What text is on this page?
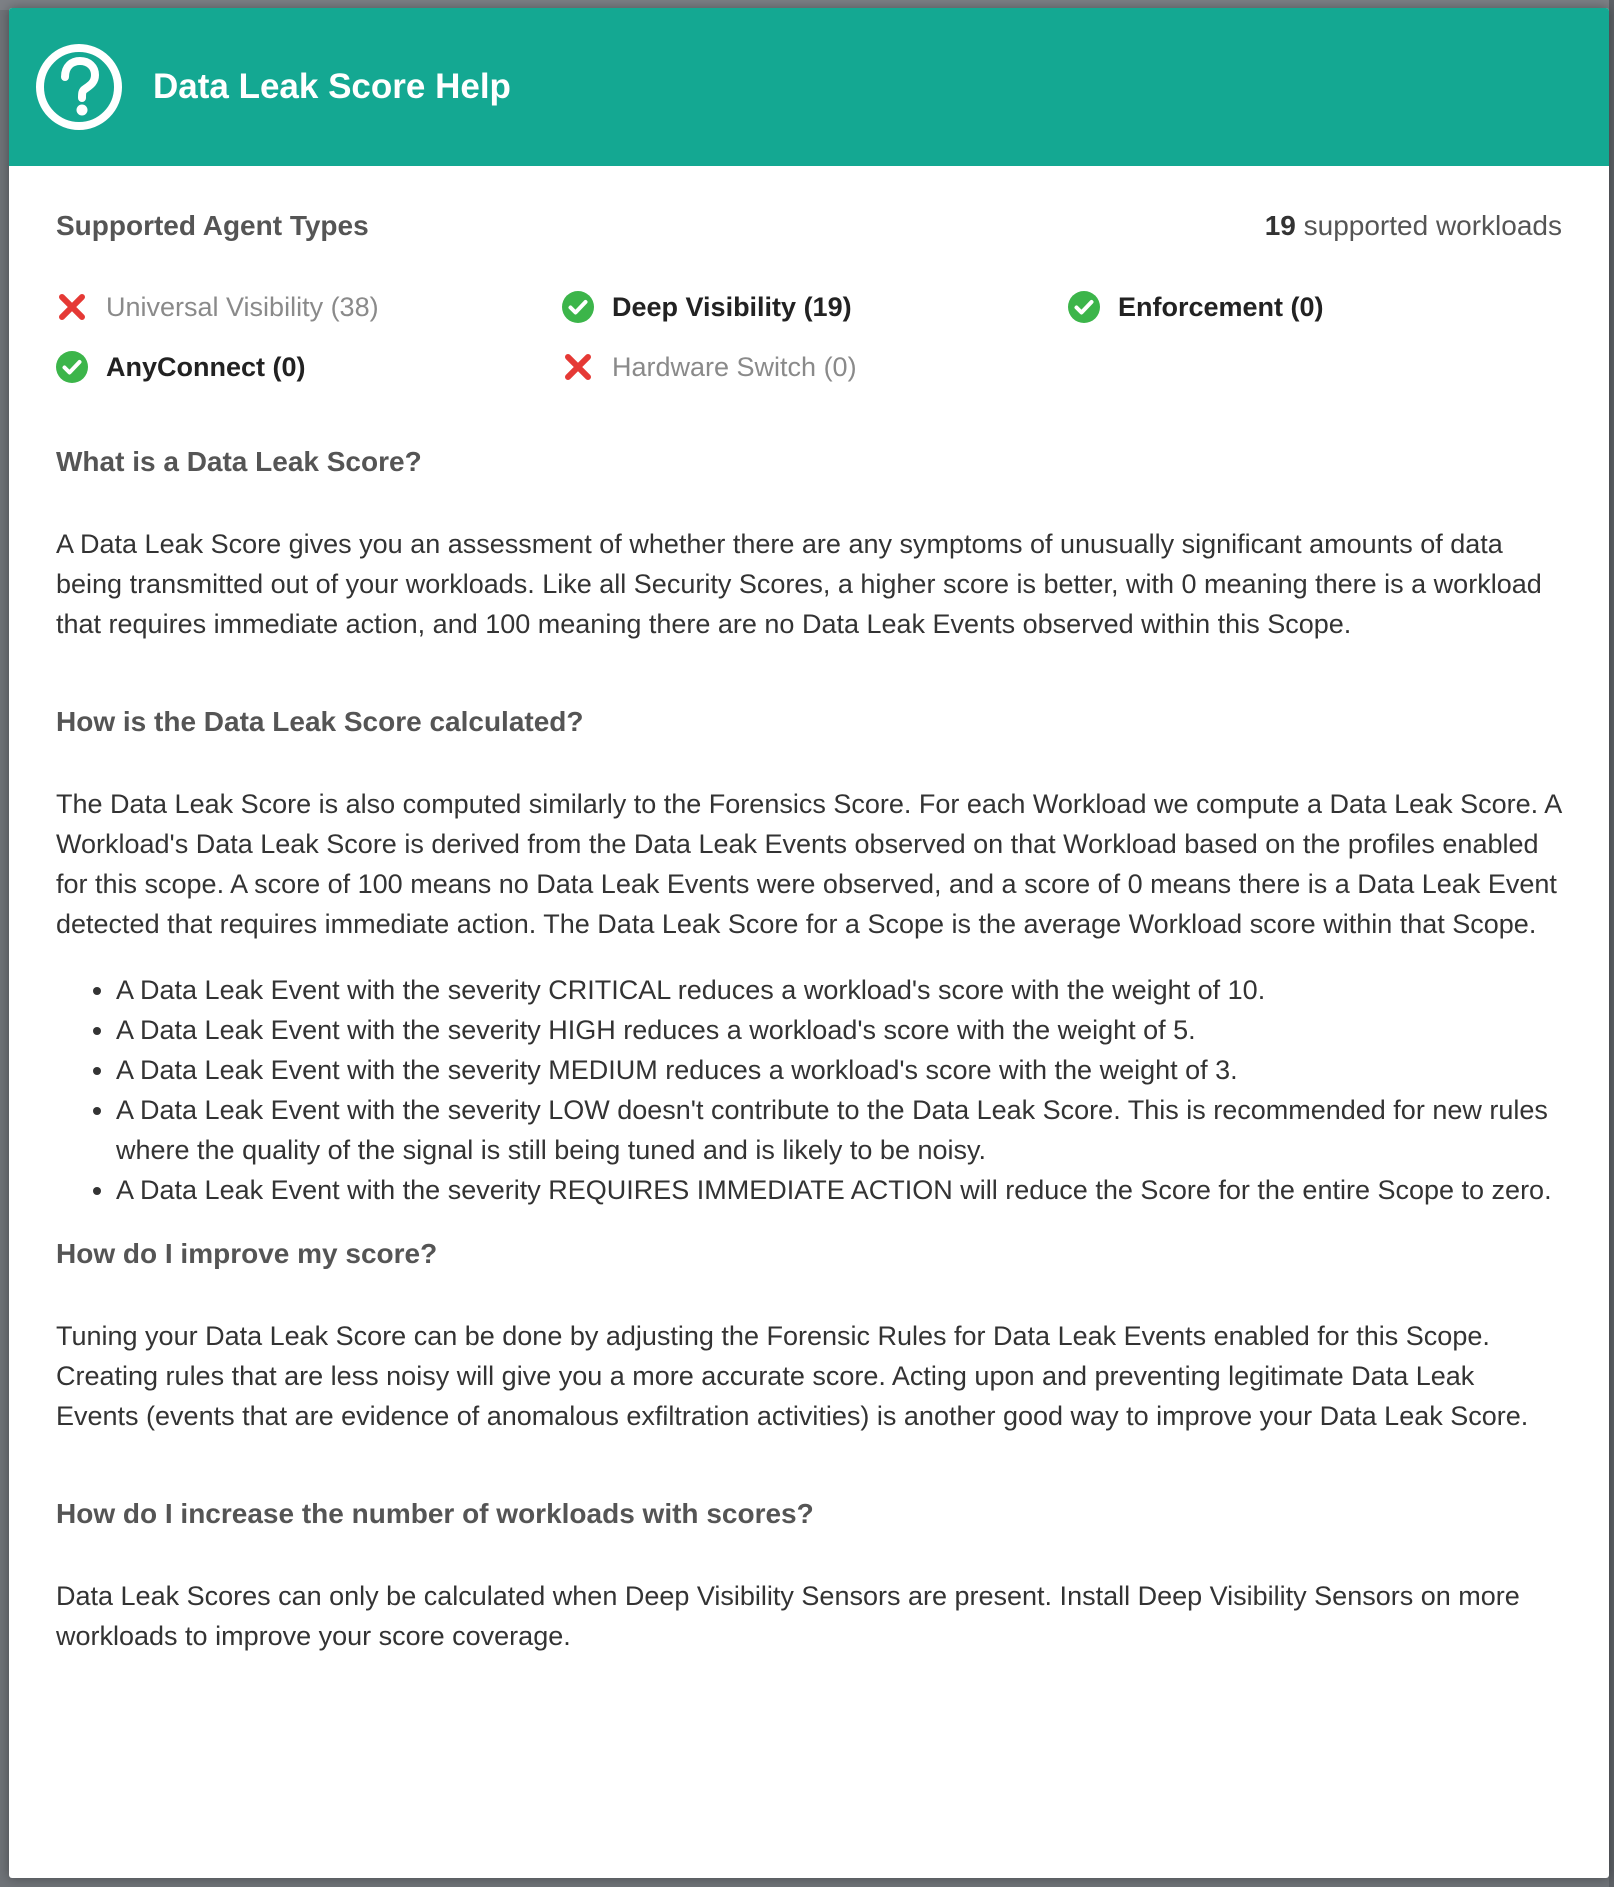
Data Leak Score Help
Supported Agent Types	19 supported workloads
Universal Visibility (38)	Deep Visibility (19)	Enforcement (0)
AnyConnect (0)	Hardware Switch (0)
What is a Data Leak Score?

A Data Leak Score gives you an assessment of whether there are any symptoms of unusually significant amounts of data being transmitted out of your workloads. Like all Security Scores, a higher score is better, with 0 meaning there is a workload that requires immediate action, and 100 meaning there are no Data Leak Events observed within this Scope.

How is the Data Leak Score calculated?

The Data Leak Score is also computed similarly to the Forensics Score. For each Workload we compute a Data Leak Score. A Workload's Data Leak Score is derived from the Data Leak Events observed on that Workload based on the profiles enabled for this scope. A score of 100 means no Data Leak Events were observed, and a score of 0 means there is a Data Leak Event detected that requires immediate action. The Data Leak Score for a Scope is the average Workload score within that Scope.

• A Data Leak Event with the severity CRITICAL reduces a workload's score with the weight of 10.
• A Data Leak Event with the severity HIGH reduces a workload's score with the weight of 5.
• A Data Leak Event with the severity MEDIUM reduces a workload's score with the weight of 3.
• A Data Leak Event with the severity LOW doesn't contribute to the Data Leak Score. This is recommended for new rules where the quality of the signal is still being tuned and is likely to be noisy.
• A Data Leak Event with the severity REQUIRES IMMEDIATE ACTION will reduce the Score for the entire Scope to zero.
How do I improve my score?

Tuning your Data Leak Score can be done by adjusting the Forensic Rules for Data Leak Events enabled for this Scope. Creating rules that are less noisy will give you a more accurate score. Acting upon and preventing legitimate Data Leak Events (events that are evidence of anomalous exfiltration activities) is another good way to improve your Data Leak Score.

How do I increase the number of workloads with scores?

Data Leak Scores can only be calculated when Deep Visibility Sensors are present. Install Deep Visibility Sensors on more workloads to improve your score coverage.
